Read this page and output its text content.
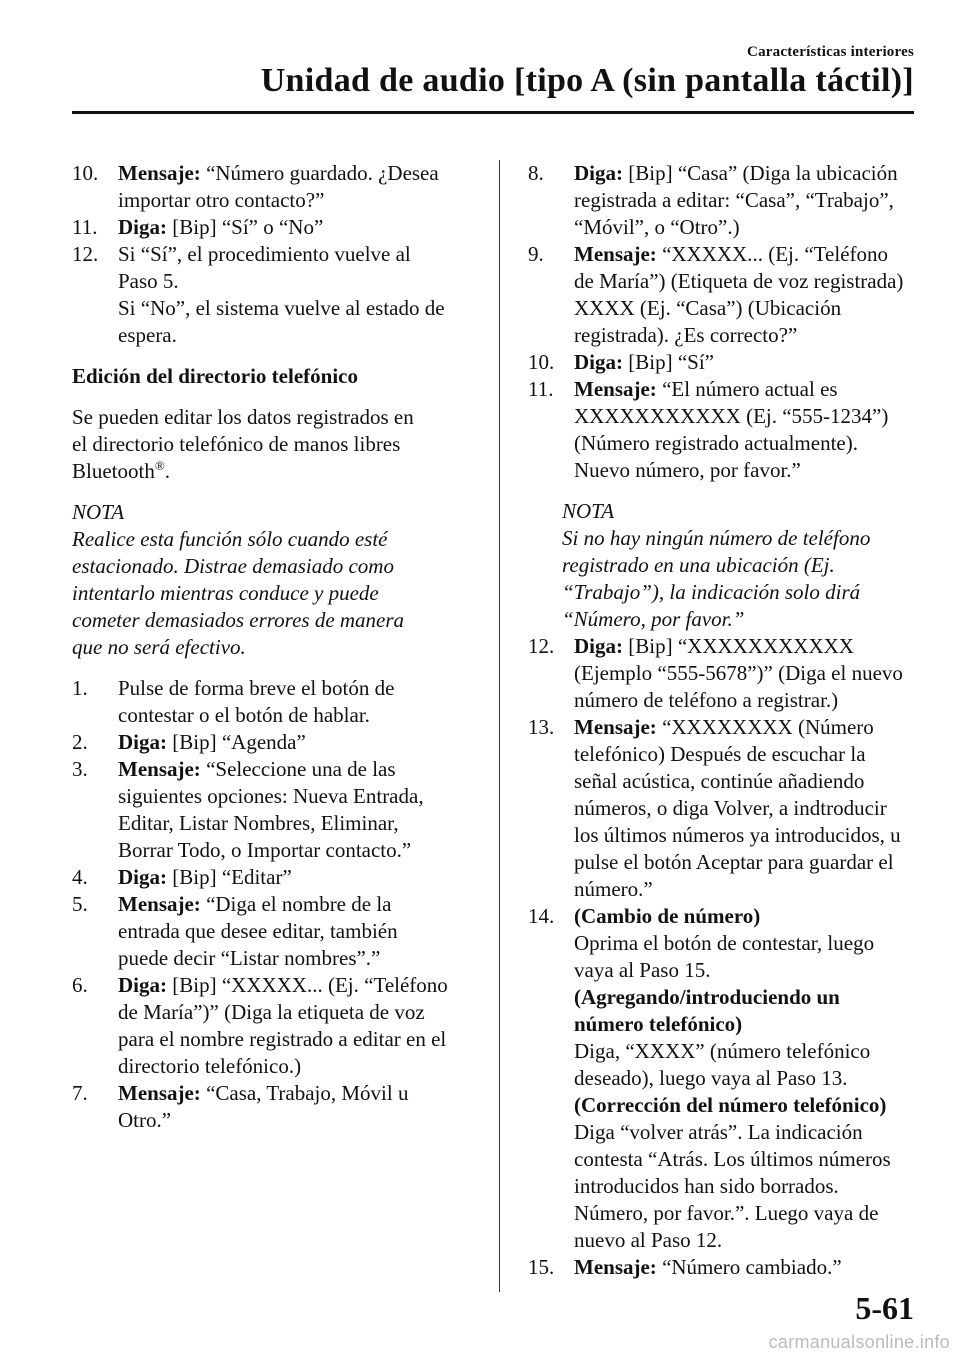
Características interiores
Unidad de audio [tipo A (sin pantalla táctil)]
10. Mensaje: “Número guardado. ¿Desea
importar otro contacto?”
11. Diga: [Bip] “Sí” o “No”
12. Si “Sí”, el procedimiento vuelve al
Paso 5.
Si “No”, el sistema vuelve al estado de
espera.
Edición del directorio telefónico
Se pueden editar los datos registrados en
el directorio telefónico de manos libres
Bluetooth®.
NOTA
Realice esta función sólo cuando esté
estacionado. Distrae demasiado como
intentarlo mientras conduce y puede
cometer demasiados errores de manera
que no será efectivo.
1. Pulse de forma breve el botón de
contestar o el botón de hablar.
2. Diga: [Bip] “Agenda”
3. Mensaje: “Seleccione una de las
siguientes opciones: Nueva Entrada,
Editar, Listar Nombres, Eliminar,
Borrar Todo, o Importar contacto.”
4. Diga: [Bip] “Editar”
5. Mensaje: “Diga el nombre de la
entrada que desee editar, también
puede decir “Listar nombres”.”
6. Diga: [Bip] “XXXXX... (Ej. “Teléfono
de María”)” (Diga la etiqueta de voz
para el nombre registrado a editar en el
directorio telefónico.)
7. Mensaje: “Casa, Trabajo, Móvil u
Otro.”
8. Diga: [Bip] “Casa” (Diga la ubicación
registrada a editar: “Casa”, “Trabajo”,
“Móvil”, o “Otro”.)
9. Mensaje: “XXXXX... (Ej. “Teléfono
de María”) (Etiqueta de voz registrada)
XXXX (Ej. “Casa”) (Ubicación
registrada). ¿Es correcto?”
10. Diga: [Bip] “Sí”
11. Mensaje: “El número actual es
XXXXXXXXXXX (Ej. “555-1234”)
(Número registrado actualmente).
Nuevo número, por favor.”
NOTA
Si no hay ningún número de teléfono
registrado en una ubicación (Ej.
“Trabajo”), la indicación solo dirá
“Número, por favor.”
12. Diga: [Bip] “XXXXXXXXXXX
(Ejemplo “555-5678”)” (Diga el nuevo
número de teléfono a registrar.)
13. Mensaje: “XXXXXXXX (Número
telefónico) Después de escuchar la
señal acústica, continúe añadiendo
números, o diga Volver, a indtroducir
los últimos números ya introducidos, u
pulse el botón Aceptar para guardar el
número.”
14. (Cambio de número)
Oprima el botón de contestar, luego
vaya al Paso 15.
(Agregando/introduciendo un
número telefónico)
Diga, “XXXX” (número telefónico
deseado), luego vaya al Paso 13.
(Corrección del número telefónico)
Diga “volver atrás”. La indicación
contesta “Atrás. Los últimos números
introducidos han sido borrados.
Número, por favor.”. Luego vaya de
nuevo al Paso 12.
15. Mensaje: “Número cambiado.”
5-61
carmanualsonline.info
